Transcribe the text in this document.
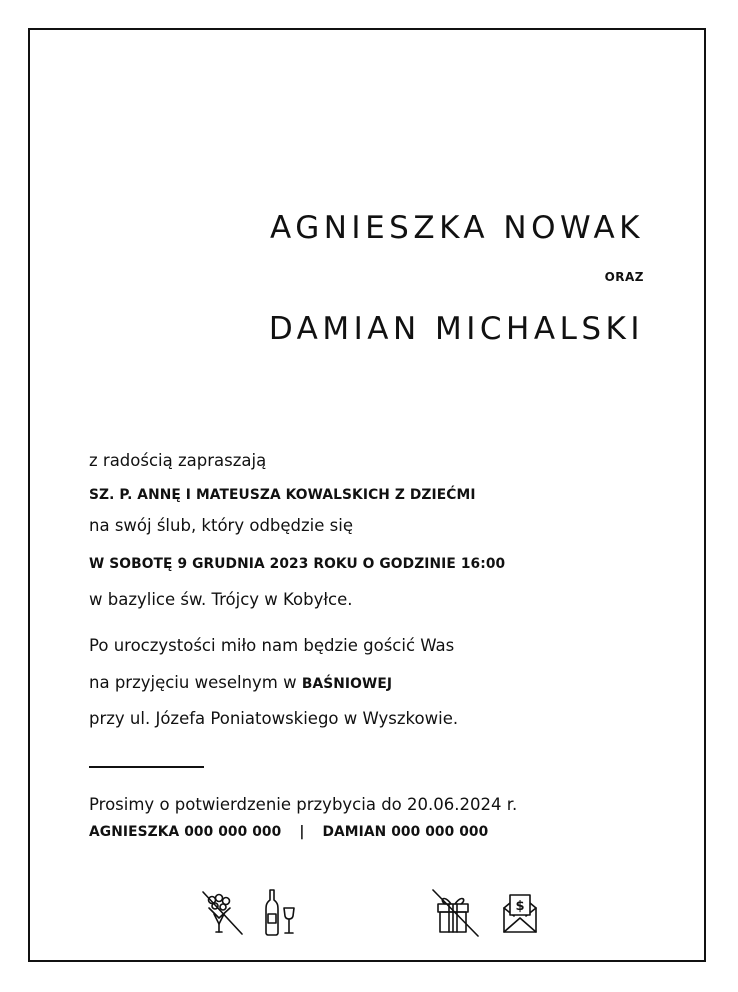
AGNIESZKA NOWAK
ORAZ
DAMIAN MICHALSKI
z radością zapraszają
SZ. P. ANNĘ I MATEUSZA KOWALSKICH Z DZIEĆMI
na swój ślub, który odbędzie się
W SOBOTĘ 9 GRUDNIA 2023 ROKU O GODZINIE 16:00
w bazylice św. Trójcy w Kobyłce.
Po uroczystości miło nam będzie gościć Was
na przyjęciu weselnym w BAŚNIOWEJ
przy ul. Józefa Poniatowskiego w Wyszkowie.
Prosimy o potwierdzenie przybycia do 20.06.2024 r.
AGNIESZKA 000 000 000 | DAMIAN 000 000 000
$
